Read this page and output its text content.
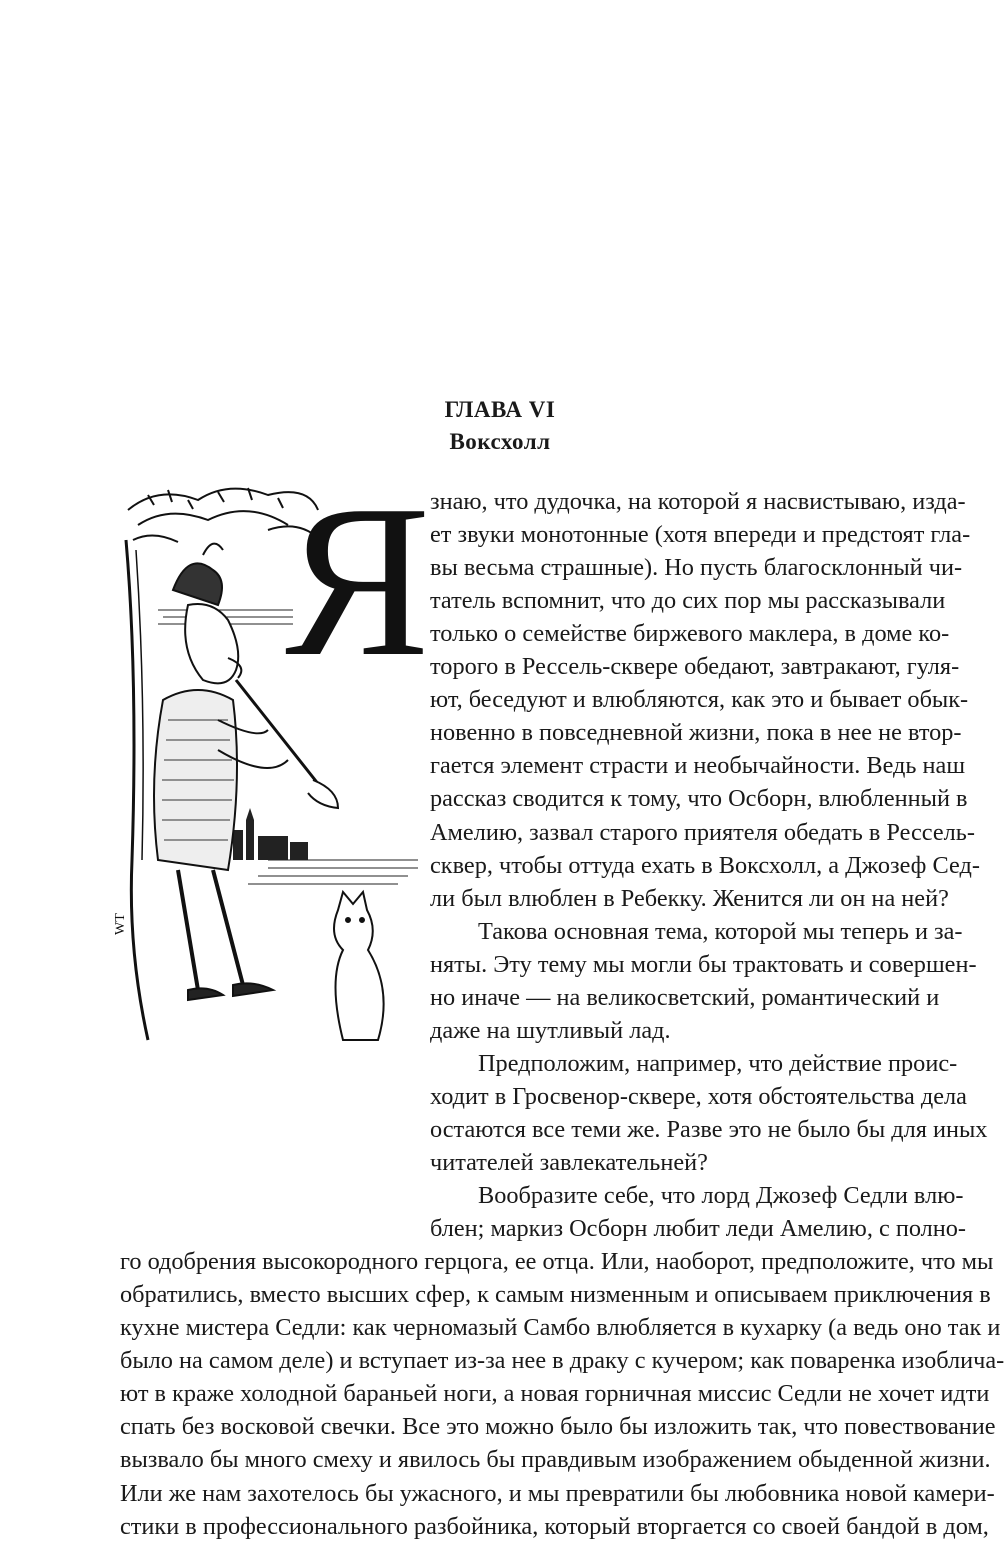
ГЛАВА VI
Воксхолл
WT
Я знаю, что дудочка, на которой я насвистываю, изда-

ет звуки монотонные (хотя впереди и предстоят гла-

вы весьма страшные). Но пусть благосклонный чи-

татель вспомнит, что до сих пор мы рассказывали

только о семействе биржевого маклера, в доме ко-

торого в Рессель-сквере обедают, завтракают, гуля-

ют, беседуют и влюбляются, как это и бывает обык-

новенно в повседневной жизни, пока в нее не втор-

гается элемент страсти и необычайности. Ведь наш

рассказ сводится к тому, что Осборн, влюбленный в

Амелию, зазвал старого приятеля обедать в Рессель-

сквер, чтобы оттуда ехать в Воксхолл, а Джозеф Сед-

ли был влюблен в Ребекку. Женится ли он на ней?

Такова основная тема, которой мы теперь и за-

няты. Эту тему мы могли бы трактовать и совершен-

но иначе — на великосветский, романтический и

даже на шутливый лад.

Предположим, например, что действие проис-

ходит в Гросвенор-сквере, хотя обстоятельства дела

остаются все теми же. Разве это не было бы для иных

читателей завлекательней?

Вообразите себе, что лорд Джозеф Седли влю-

блен; маркиз Осборн любит леди Амелию, с полно-

го одобрения высокородного герцога, ее отца. Или, наоборот, предположите, что мы

обратились, вместо высших сфер, к самым низменным и описываем приключения в

кухне мистера Седли: как черномазый Самбо влюбляется в кухарку (а ведь оно так и

было на самом деле) и вступает из-за нее в драку с кучером; как поваренка изоблича-

ют в краже холодной бараньей ноги, а новая горничная миссис Седли не хочет идти

спать без восковой свечки. Все это можно было бы изложить так, что повествование

вызвало бы много смеху и явилось бы правдивым изображением обыденной жизни.

Или же нам захотелось бы ужасного, и мы превратили бы любовника новой камери-

стики в профессионального разбойника, который вторгается со своей бандой в дом,
